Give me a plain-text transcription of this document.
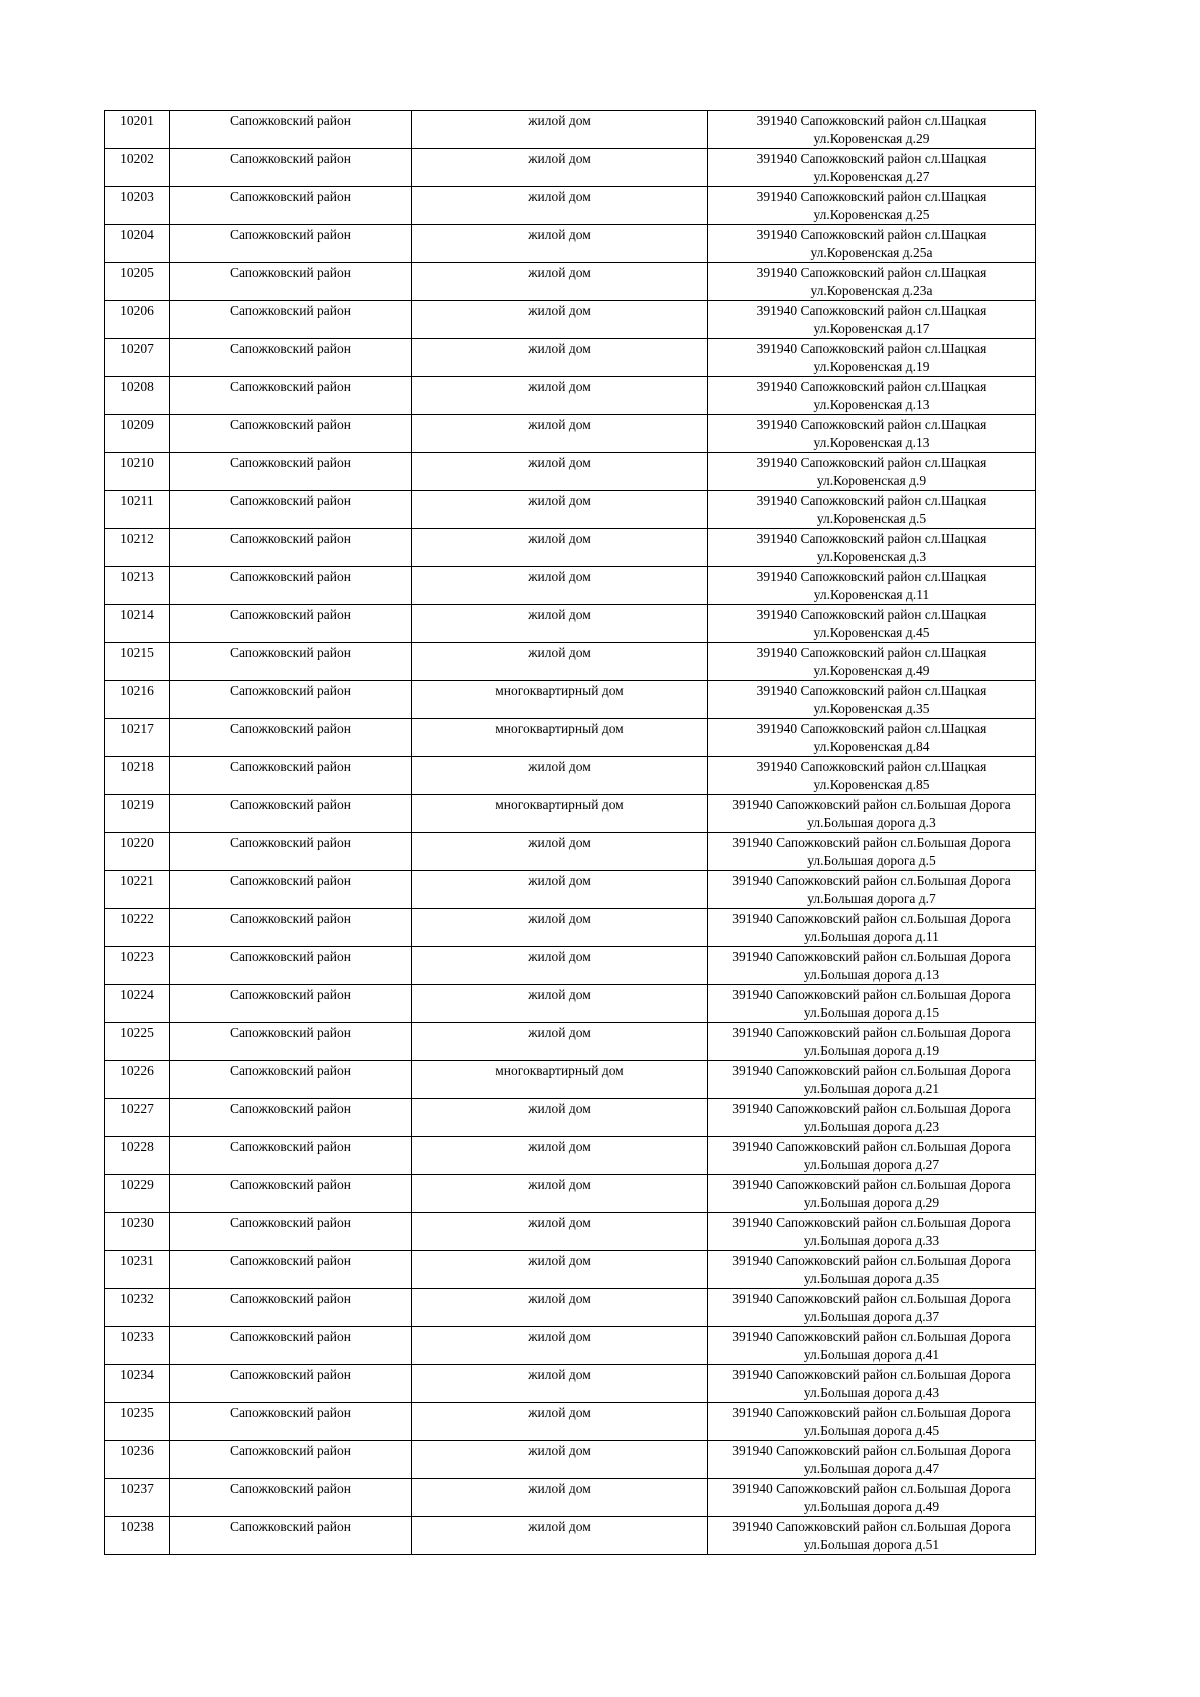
10201	Сапожковский район	жилой дом	391940 Сапожковский район сл.Шацкая
ул.Коровенская д.29

10202	Сапожковский район	жилой дом	391940 Сапожковский район сл.Шацкая
ул.Коровенская д.27

10203	Сапожковский район	жилой дом	391940 Сапожковский район сл.Шацкая
ул.Коровенская д.25

10204	Сапожковский район	жилой дом	391940 Сапожковский район сл.Шацкая
ул.Коровенская д.25а

10205	Сапожковский район	жилой дом	391940 Сапожковский район сл.Шацкая
ул.Коровенская д.23а

10206	Сапожковский район	жилой дом	391940 Сапожковский район сл.Шацкая
ул.Коровенская д.17

10207	Сапожковский район	жилой дом	391940 Сапожковский район сл.Шацкая
ул.Коровенская д.19

10208	Сапожковский район	жилой дом	391940 Сапожковский район сл.Шацкая
ул.Коровенская д.13

10209	Сапожковский район	жилой дом	391940 Сапожковский район сл.Шацкая
ул.Коровенская д.13

10210	Сапожковский район	жилой дом	391940 Сапожковский район сл.Шацкая
ул.Коровенская д.9

10211	Сапожковский район	жилой дом	391940 Сапожковский район сл.Шацкая
ул.Коровенская д.5

10212	Сапожковский район	жилой дом	391940 Сапожковский район сл.Шацкая
ул.Коровенская д.3

10213	Сапожковский район	жилой дом	391940 Сапожковский район сл.Шацкая
ул.Коровенская д.11

10214	Сапожковский район	жилой дом	391940 Сапожковский район сл.Шацкая
ул.Коровенская д.45

10215	Сапожковский район	жилой дом	391940 Сапожковский район сл.Шацкая
ул.Коровенская д.49

10216	Сапожковский район	многоквартирный дом	391940 Сапожковский район сл.Шацкая
ул.Коровенская д.35

10217	Сапожковский район	многоквартирный дом	391940 Сапожковский район сл.Шацкая
ул.Коровенская д.84

10218	Сапожковский район	жилой дом	391940 Сапожковский район сл.Шацкая
ул.Коровенская д.85

10219	Сапожковский район	многоквартирный дом	391940 Сапожковский район сл.Большая Дорога
ул.Большая дорога д.3

10220	Сапожковский район	жилой дом	391940 Сапожковский район сл.Большая Дорога
ул.Большая дорога д.5

10221	Сапожковский район	жилой дом	391940 Сапожковский район сл.Большая Дорога
ул.Большая дорога д.7

10222	Сапожковский район	жилой дом	391940 Сапожковский район сл.Большая Дорога
ул.Большая дорога д.11

10223	Сапожковский район	жилой дом	391940 Сапожковский район сл.Большая Дорога
ул.Большая дорога д.13

10224	Сапожковский район	жилой дом	391940 Сапожковский район сл.Большая Дорога
ул.Большая дорога д.15

10225	Сапожковский район	жилой дом	391940 Сапожковский район сл.Большая Дорога
ул.Большая дорога д.19

10226	Сапожковский район	многоквартирный дом	391940 Сапожковский район сл.Большая Дорога
ул.Большая дорога д.21

10227	Сапожковский район	жилой дом	391940 Сапожковский район сл.Большая Дорога
ул.Большая дорога д.23

10228	Сапожковский район	жилой дом	391940 Сапожковский район сл.Большая Дорога
ул.Большая дорога д.27

10229	Сапожковский район	жилой дом	391940 Сапожковский район сл.Большая Дорога
ул.Большая дорога д.29

10230	Сапожковский район	жилой дом	391940 Сапожковский район сл.Большая Дорога
ул.Большая дорога д.33

10231	Сапожковский район	жилой дом	391940 Сапожковский район сл.Большая Дорога
ул.Большая дорога д.35

10232	Сапожковский район	жилой дом	391940 Сапожковский район сл.Большая Дорога
ул.Большая дорога д.37

10233	Сапожковский район	жилой дом	391940 Сапожковский район сл.Большая Дорога
ул.Большая дорога д.41

10234	Сапожковский район	жилой дом	391940 Сапожковский район сл.Большая Дорога
ул.Большая дорога д.43

10235	Сапожковский район	жилой дом	391940 Сапожковский район сл.Большая Дорога
ул.Большая дорога д.45

10236	Сапожковский район	жилой дом	391940 Сапожковский район сл.Большая Дорога
ул.Большая дорога д.47

10237	Сапожковский район	жилой дом	391940 Сапожковский район сл.Большая Дорога
ул.Большая дорога д.49

10238	Сапожковский район	жилой дом	391940 Сапожковский район сл.Большая Дорога
ул.Большая дорога д.51
